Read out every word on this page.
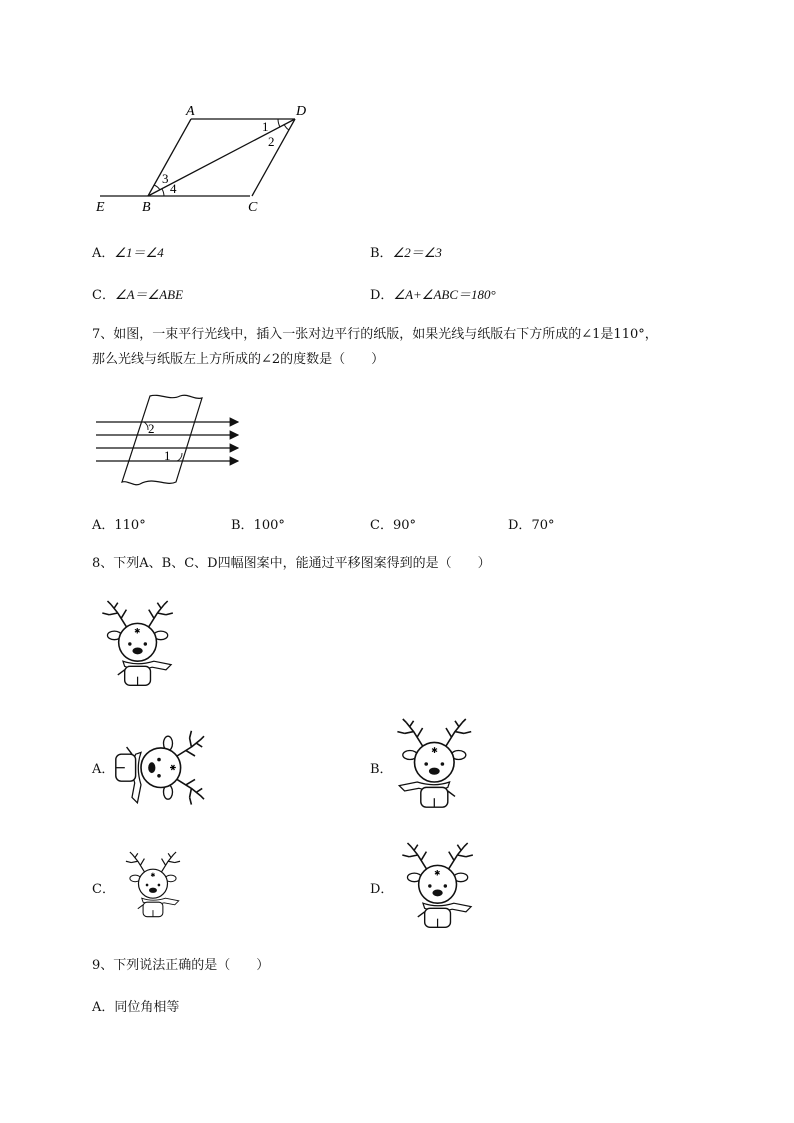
A	D
E	B	C
1
2
3
4
A．∠1＝∠4	B．∠2＝∠3
C．∠A＝∠ABE	D．∠A+∠ABC＝180°
7、如图，一束平行光线中，插入一张对边平行的纸版，如果光线与纸版右下方所成的∠1是110°，
那么光线与纸版左上方所成的∠2的度数是（　　）
2
1
A．110°	B．100°	C．90°	D．70°
8、下列A、B、C、D四幅图案中，能通过平移图案得到的是（　　）
A．	B．
C．	D．
9、下列说法正确的是（　　）
A．同位角相等
